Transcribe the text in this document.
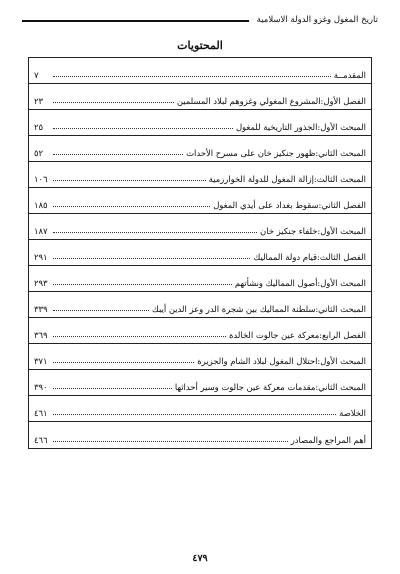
تاريخ المغول وغزو الدولة الاسلامية
المحتويات
المقدمــة
٧
الفصل الأول:المشروع المغولي وغزوهم لبلاد المسلمين
٢٣
المبحث الأول:الجذور التاريخية للمغول
٢٥
المبحث الثاني:ظهور جنكيز خان على مسرح الأحداث
٥٢
المبحث الثالث:إزالة المغول للدولة الخوارزمية
١٠٦
الفصل الثاني:سقوط بغداد على أيدي المغول
١٨٥
المبحث الأول:خلفاء جنكيز خان
١٨٧
الفصل الثالث:قيام دولة المماليك
٢٩١
المبحث الأول:أصول المماليك ونشأتهم
٢٩٣
المبحث الثاني:سلطنة المماليك بين شجرة الدر وعز الدين أيبك
٣٣٩
الفصل الرابع:معركة عين جالوت الخالدة
٣٦٩
المبحث الأول:احتلال المغول لبلاد الشام والجزيرة
٣٧١
المبحث الثاني:مقدمات معركة عين جالوت وسير أحداثها
٣٩٠
الخلاصة
٤٦١
أهم المراجع والمصادر
٤٦٦
٤٧٩
